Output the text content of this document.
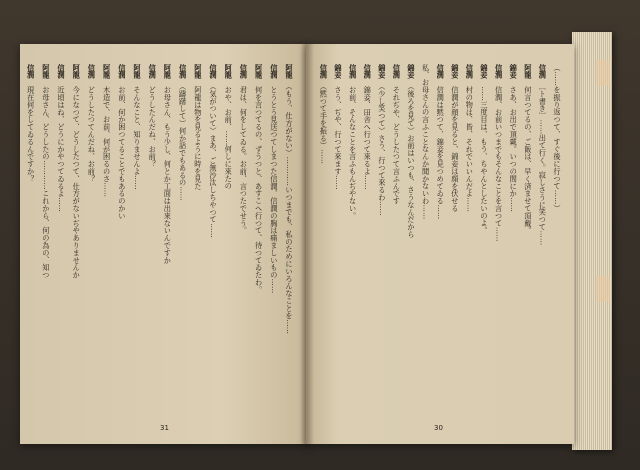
阿龍　（もう、仕方がない）…………いつまでも、私のためにいろんなことを……
信潤　とうとう見送つてしまつた信潤、信潤の胸は痛ましいもの……
阿龍　何を言つてるの、ずうつと、あすこへ行つて、待つてゐたわ。
信潤　君は、何をしてゐる。お前、言つたでせう。
阿龍　おや、お前、……何しに來たの
信潤　（気がついて）まあ、ご無沙汰しちやつて……
阿龍　阿龍は物を見るように時を見た
信潤　（躊躇して）何か話でもあるの……
阿龍　お母さん、もう少し、何とか工面は出來ないんですか
信潤　どうしたんだね、お前？
阿龍　そんなこと、知りませんよ……
信潤　お前、何か困つてることでもあるのかい
阿龍　木造で、お前、何が困るのさ……
信潤　どうしたつてんだね、お前？
阿龍　今になつて、どうしたつて、仕方がないぢやありませんか
信潤　近頃はね、どうにかやつてゐるよ……
阿龍　お母さん、どうしたの…………これから、何の為の、知つ
信潤　現在何をしてゐるんですか？
31
（……を振り返つて、すぐ後に行つて……）
信潤　〔ト書き〕……出て行く。寂しさうに笑つて……
阿龍　何言つてるの、ご飯は、早く済ませて頂戴。
錦妾　さあ、お出で頂戴。いつの間にか……
信潤　信潤、お前いつまでもそんなことを言つて……
錦妾　……三度目は、もう、ちやんとしたいのよ。
信潤　村の物は、皆、それでいいんだよ……
錦妾　信潤が顔を見ると、錦妾は顔を伏せる
信潤　信潤は黙つて、錦妾を見つめてゐる……
私、お母さんの言ふことなんか聞かないわ……
錦妾　（後ろを見て）お前はいつも、さうなんだから
信潤　それぢや、どうしたつて言ふんです
錦妾　（少し笑つて）さう、行つて來るわ……
信潤　錦妾、田舎へ行つて來るよ……
信潤　お前、そんなことを言ふもんぢやない。
錦妾　さう、ぢや、行つて來ます……
信潤　（黙つて手を振る）……
30
